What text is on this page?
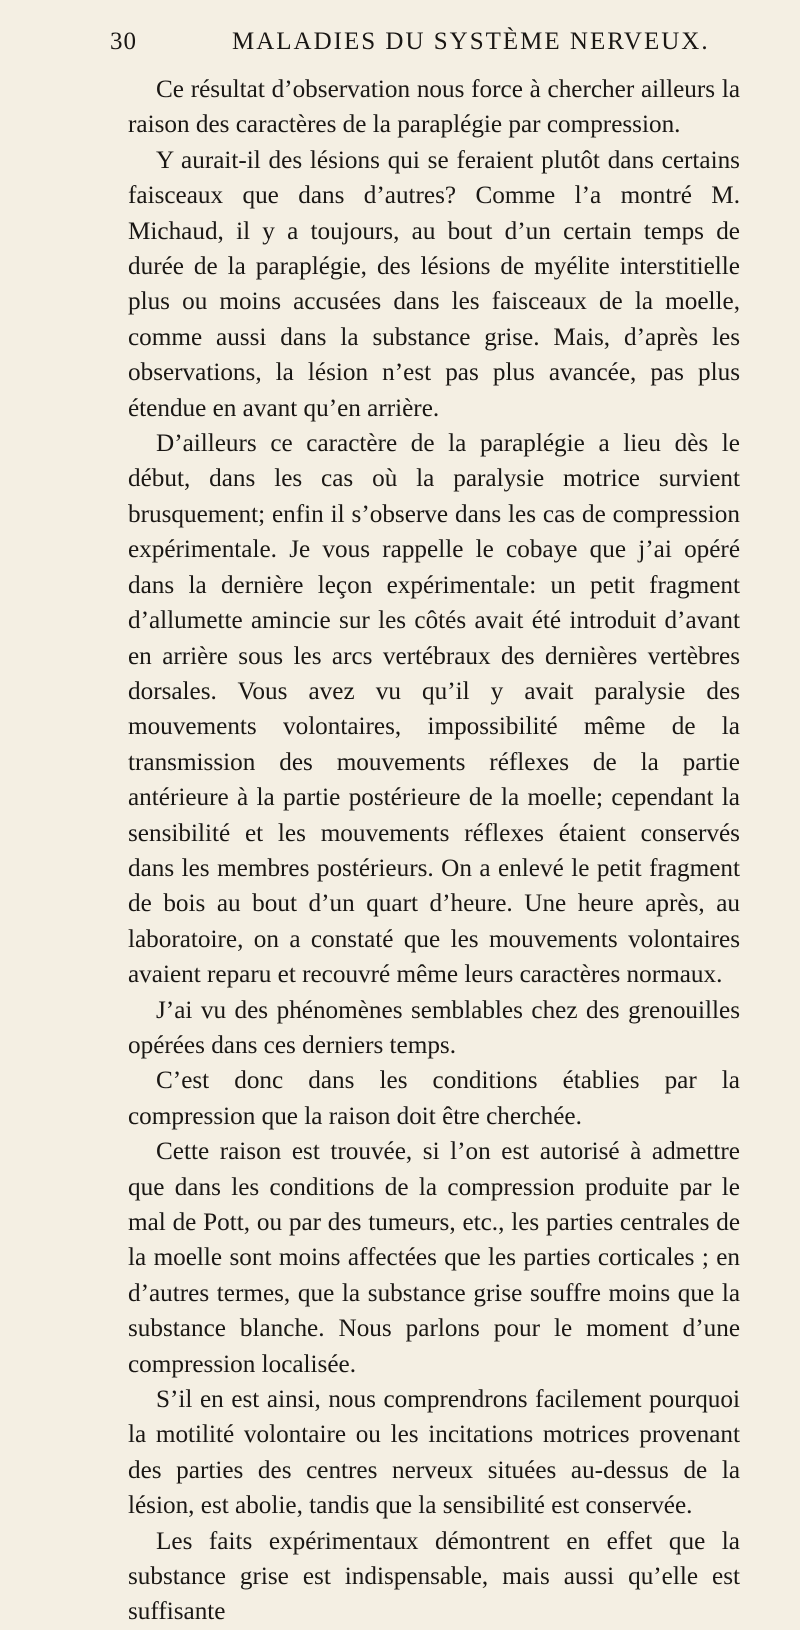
30	MALADIES DU SYSTÈME NERVEUX.

Ce résultat d’observation nous force à chercher ailleurs la raison des caractères de la paraplégie par compression.

Y aurait-il des lésions qui se feraient plutôt dans certains faisceaux que dans d’autres? Comme l’a montré M. Michaud, il y a toujours, au bout d’un certain temps de durée de la paraplégie, des lésions de myélite interstitielle plus ou moins accusées dans les faisceaux de la moelle, comme aussi dans la substance grise. Mais, d’après les observations, la lésion n’est pas plus avancée, pas plus étendue en avant qu’en arrière.

D’ailleurs ce caractère de la paraplégie a lieu dès le début, dans les cas où la paralysie motrice survient brusquement; enfin il s’observe dans les cas de compression expérimentale. Je vous rappelle le cobaye que j’ai opéré dans la dernière leçon expérimentale: un petit fragment d’allumette amincie sur les côtés avait été introduit d’avant en arrière sous les arcs vertébraux des dernières vertèbres dorsales. Vous avez vu qu’il y avait paralysie des mouvements volontaires, impossibilité même de la transmission des mouvements réflexes de la partie antérieure à la partie postérieure de la moelle; cependant la sensibilité et les mouvements réflexes étaient conservés dans les membres postérieurs. On a enlevé le petit fragment de bois au bout d’un quart d’heure. Une heure après, au laboratoire, on a constaté que les mouvements volontaires avaient reparu et recouvré même leurs caractères normaux.

J’ai vu des phénomènes semblables chez des grenouilles opérées dans ces derniers temps.

C’est donc dans les conditions établies par la compression que la raison doit être cherchée.

Cette raison est trouvée, si l’on est autorisé à admettre que dans les conditions de la compression produite par le mal de Pott, ou par des tumeurs, etc., les parties centrales de la moelle sont moins affectées que les parties corticales ; en d’autres termes, que la substance grise souffre moins que la substance blanche. Nous parlons pour le moment d’une compression localisée.

S’il en est ainsi, nous comprendrons facilement pourquoi la motilité volontaire ou les incitations motrices provenant des parties des centres nerveux situées au-dessus de la lésion, est abolie, tandis que la sensibilité est conservée.

Les faits expérimentaux démontrent en effet que la substance grise est indispensable, mais aussi qu’elle est suffisante
